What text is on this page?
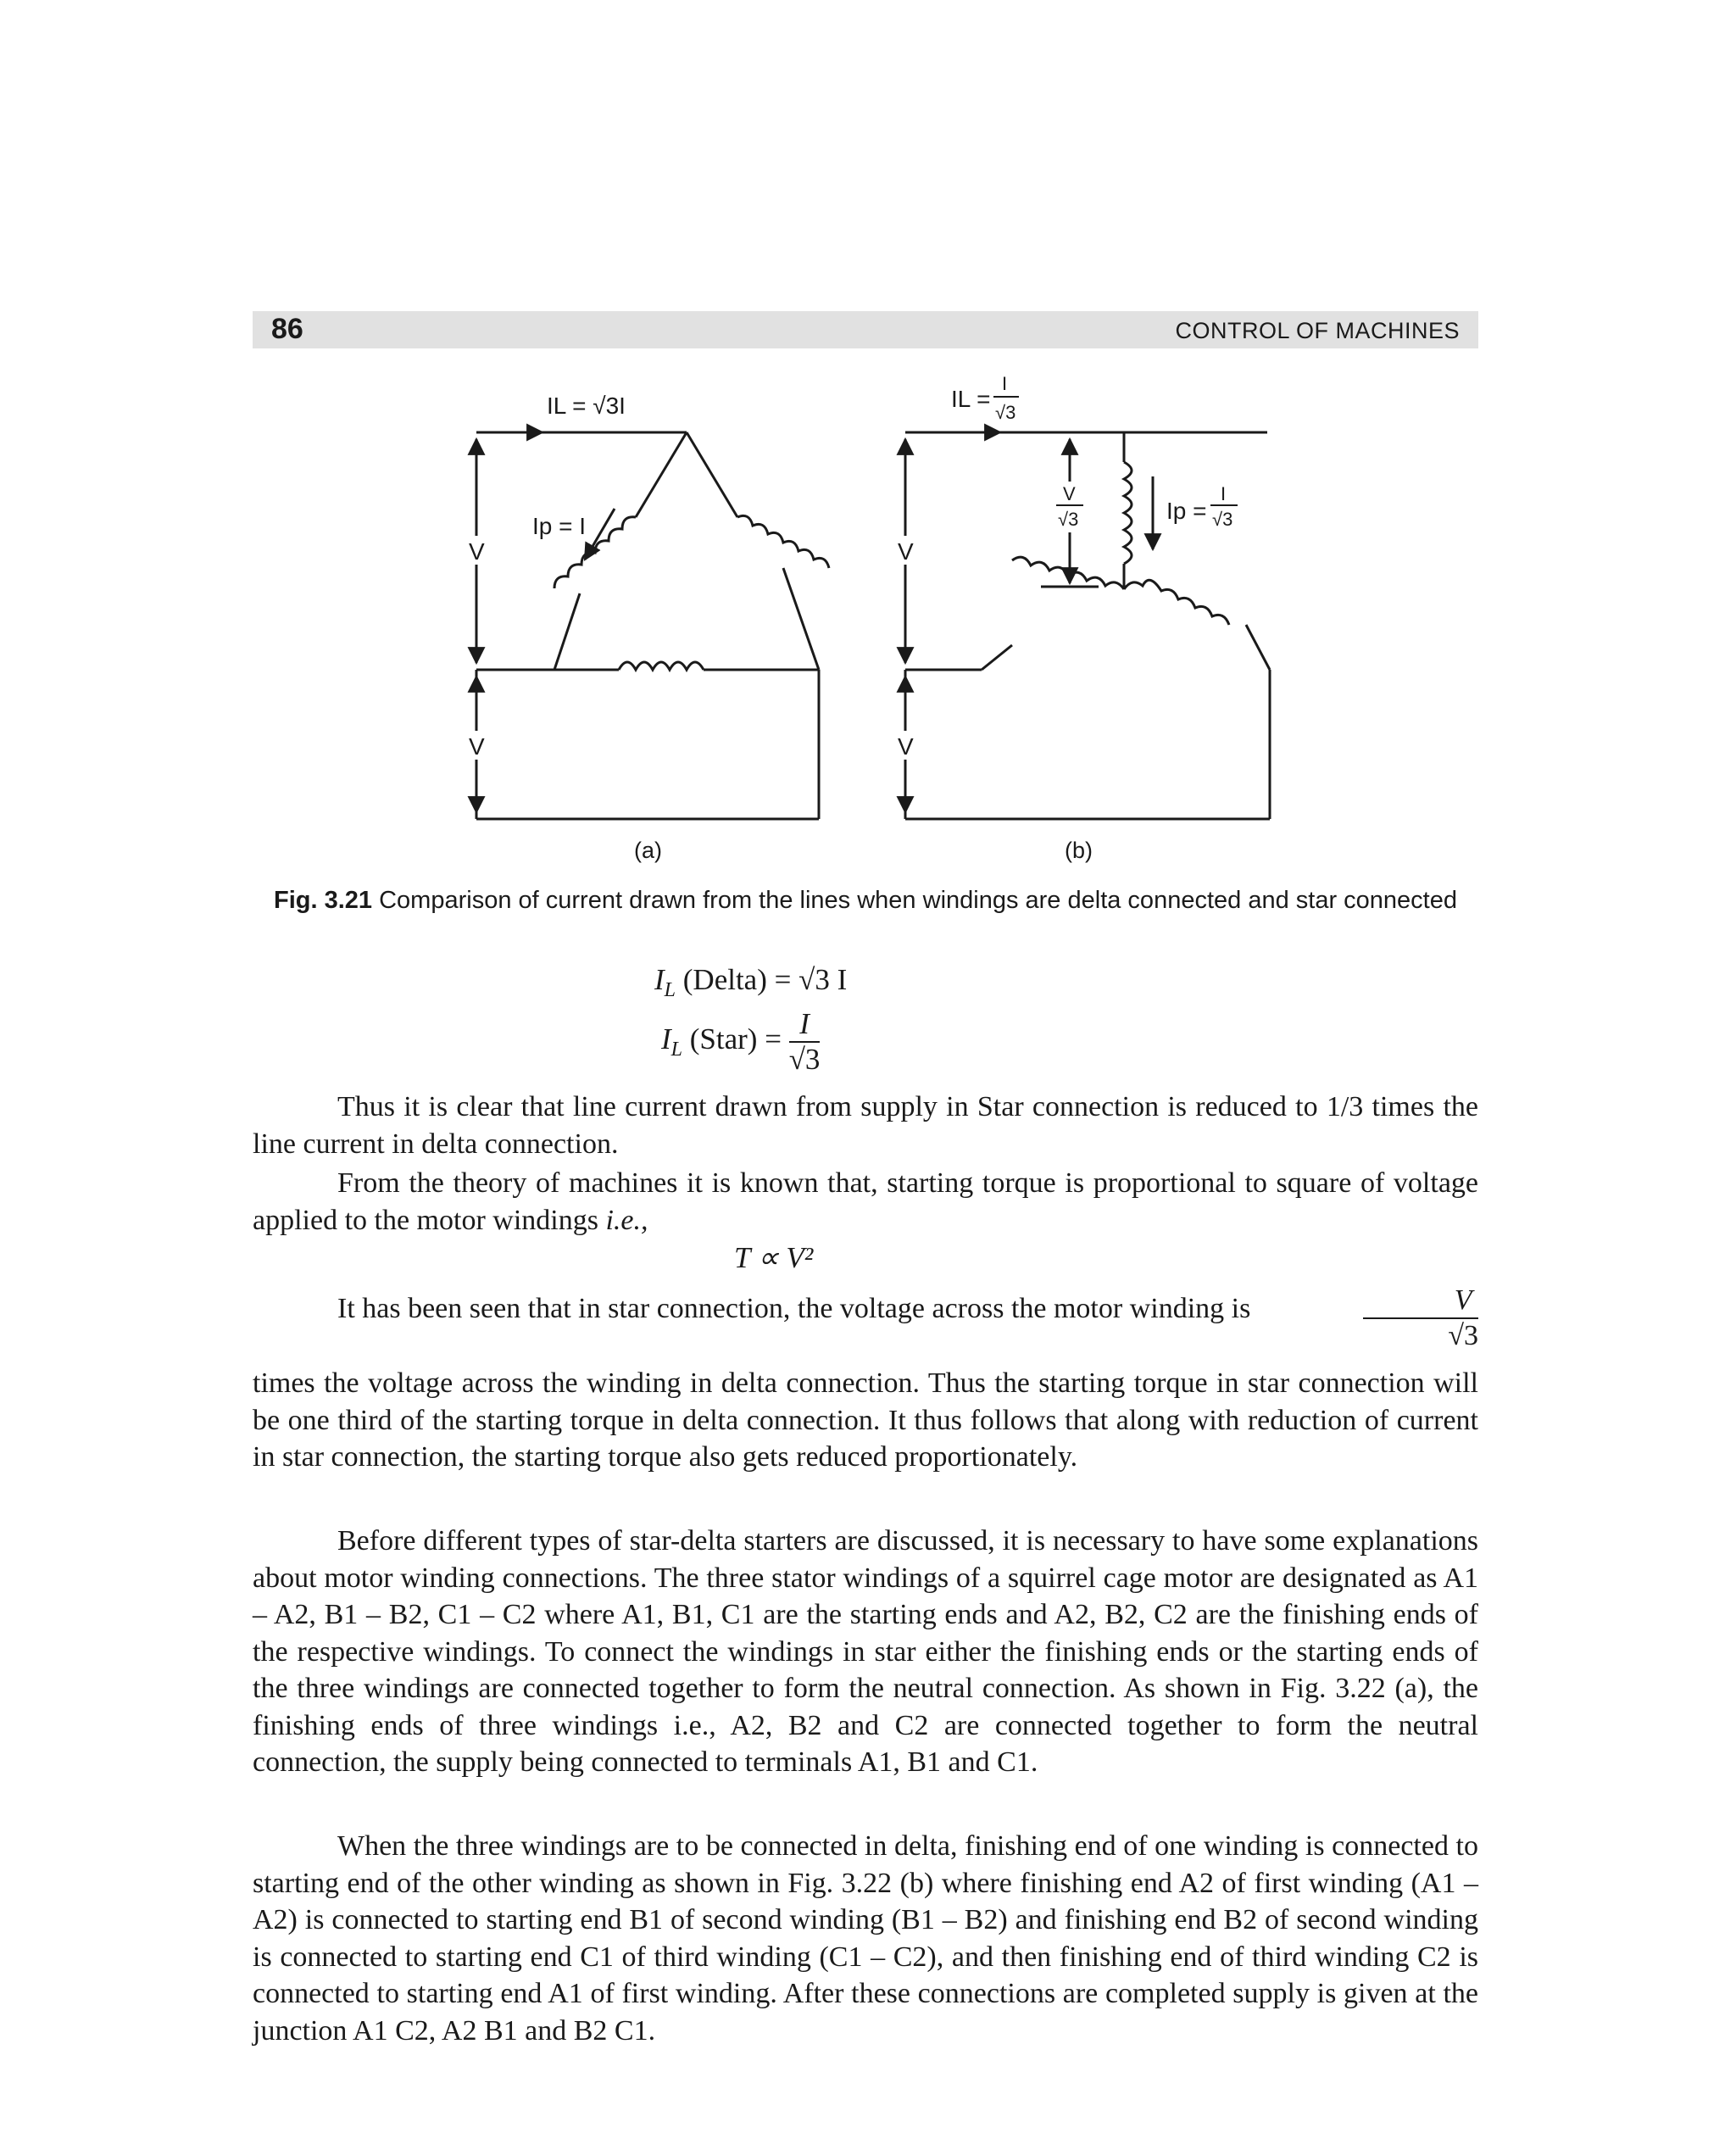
86	CONTROL OF MACHINES
V
V
IL = √3I
Ip = I
V
V
V
√3	Ip =
I
√3
IL =
I
√3
(a)	(b)
Fig. 3.21 Comparison of current drawn from the lines when windings are delta connected and star connected
$I_L$ (Delta) = √3 I
$I_L$ (Star) = $\frac{I}{√3}$

Thus it is clear that line current drawn from supply in Star connection is reduced to 1/3 times the line current in delta connection.

From the theory of machines it is known that, starting torque is proportional to square of voltage applied to the motor windings i.e.,

T ∝ V²

It has been seen that in star connection, the voltage across the motor winding is	$\frac{V}{√3}$

times the voltage across the winding in delta connection. Thus the starting torque in star connection will be one third of the starting torque in delta connection. It thus follows that along with reduction of current in star connection, the starting torque also gets reduced proportionately.

Before different types of star-delta starters are discussed, it is necessary to have some explanations about motor winding connections. The three stator windings of a squirrel cage motor are designated as A1 – A2, B1 – B2, C1 – C2 where A1, B1, C1 are the starting ends and A2, B2, C2 are the finishing ends of the respective windings. To connect the windings in star either the finishing ends or the starting ends of the three windings are connected together to form the neutral connection. As shown in Fig. 3.22 (a), the finishing ends of three windings i.e., A2, B2 and C2 are connected together to form the neutral connection, the supply being connected to terminals A1, B1 and C1.

When the three windings are to be connected in delta, finishing end of one winding is connected to starting end of the other winding as shown in Fig. 3.22 (b) where finishing end A2 of first winding (A1 – A2) is connected to starting end B1 of second winding (B1 – B2) and finishing end B2 of second winding is connected to starting end C1 of third winding (C1 – C2), and then finishing end of third winding C2 is connected to starting end A1 of first winding. After these connections are completed supply is given at the junction A1 C2, A2 B1 and B2 C1.
